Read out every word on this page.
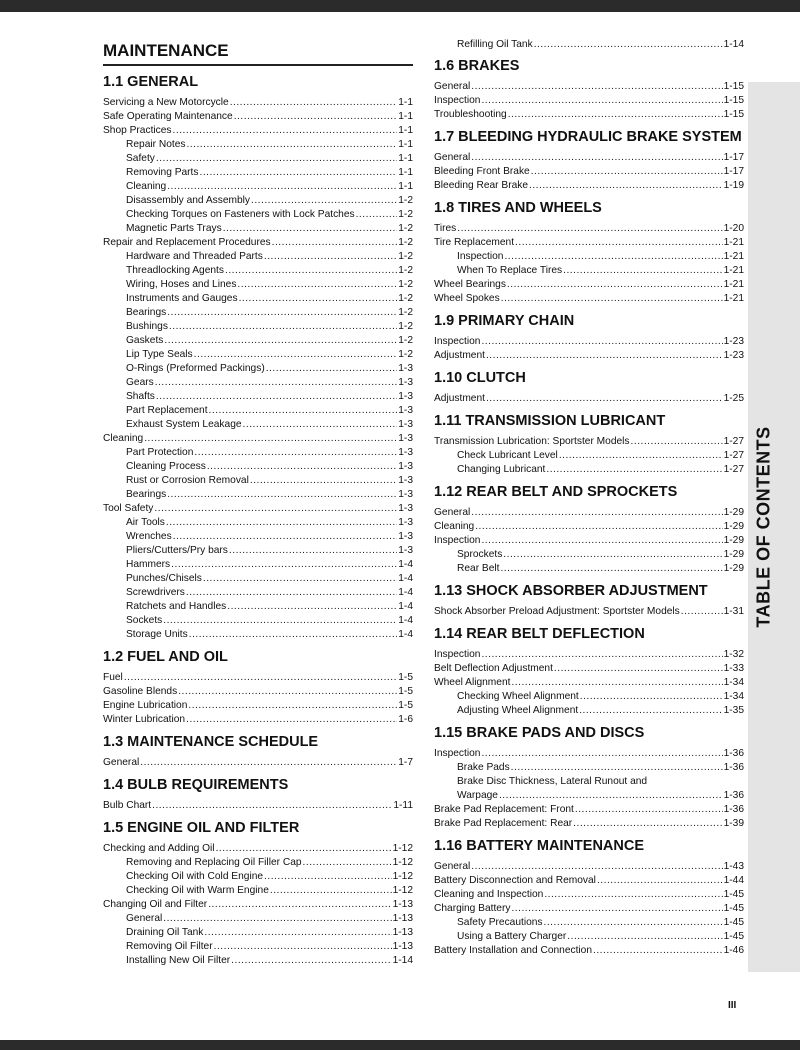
TABLE OF CONTENTS
MAINTENANCE
1.1 GENERAL
Servicing a New Motorcycle .....	1-1
Safe Operating Maintenance .....	1-1
Shop Practices .....	1-1
Repair Notes .....	1-1
Safety .....	1-1
Removing Parts .....	1-1
Cleaning .....	1-1
Disassembly and Assembly .....	1-2
Checking Torques on Fasteners with Lock Patches .....	1-2
Magnetic Parts Trays .....	1-2
Repair and Replacement Procedures .....	1-2
Hardware and Threaded Parts .....	1-2
Threadlocking Agents .....	1-2
Wiring, Hoses and Lines .....	1-2
Instruments and Gauges .....	1-2
Bearings .....	1-2
Bushings .....	1-2
Gaskets .....	1-2
Lip Type Seals .....	1-2
O-Rings (Preformed Packings) .....	1-3
Gears .....	1-3
Shafts .....	1-3
Part Replacement .....	1-3
Exhaust System Leakage .....	1-3
Cleaning .....	1-3
Part Protection .....	1-3
Cleaning Process .....	1-3
Rust or Corrosion Removal .....	1-3
Bearings .....	1-3
Tool Safety .....	1-3
Air Tools .....	1-3
Wrenches .....	1-3
Pliers/Cutters/Pry bars .....	1-3
Hammers .....	1-4
Punches/Chisels .....	1-4
Screwdrivers .....	1-4
Ratchets and Handles .....	1-4
Sockets .....	1-4
Storage Units .....	1-4
1.2 FUEL AND OIL
Fuel .....	1-5
Gasoline Blends .....	1-5
Engine Lubrication .....	1-5
Winter Lubrication .....	1-6
1.3 MAINTENANCE SCHEDULE
General .....	1-7
1.4 BULB REQUIREMENTS
Bulb Chart .....	1-11
1.5 ENGINE OIL AND FILTER
Checking and Adding Oil .....	1-12
Removing and Replacing Oil Filler Cap .....	1-12
Checking Oil with Cold Engine .....	1-12
Checking Oil with Warm Engine .....	1-12
Changing Oil and Filter .....	1-13
General .....	1-13
Draining Oil Tank .....	1-13
Removing Oil Filter .....	1-13
Installing New Oil Filter .....	1-14
Refilling Oil Tank .....	1-14
1.6 BRAKES
General .....	1-15
Inspection .....	1-15
Troubleshooting .....	1-15
1.7 BLEEDING HYDRAULIC BRAKE SYSTEM
General .....	1-17
Bleeding Front Brake .....	1-17
Bleeding Rear Brake .....	1-19
1.8 TIRES AND WHEELS
Tires .....	1-20
Tire Replacement .....	1-21
Inspection .....	1-21
When To Replace Tires .....	1-21
Wheel Bearings .....	1-21
Wheel Spokes .....	1-21
1.9 PRIMARY CHAIN
Inspection .....	1-23
Adjustment .....	1-23
1.10 CLUTCH
Adjustment .....	1-25
1.11 TRANSMISSION LUBRICANT
Transmission Lubrication: Sportster Models .....	1-27
Check Lubricant Level .....	1-27
Changing Lubricant .....	1-27
1.12 REAR BELT AND SPROCKETS
General .....	1-29
Cleaning .....	1-29
Inspection .....	1-29
Sprockets .....	1-29
Rear Belt .....	1-29
1.13 SHOCK ABSORBER ADJUSTMENT
Shock Absorber Preload Adjustment: Sportster Models .....	1-31
1.14 REAR BELT DEFLECTION
Inspection .....	1-32
Belt Deflection Adjustment .....	1-33
Wheel Alignment .....	1-34
Checking Wheel Alignment .....	1-34
Adjusting Wheel Alignment .....	1-35
1.15 BRAKE PADS AND DISCS
Inspection .....	1-36
Brake Pads .....	1-36
Brake Disc Thickness, Lateral Runout and
Warpage .....	1-36
Brake Pad Replacement: Front .....	1-36
Brake Pad Replacement: Rear .....	1-39
1.16 BATTERY MAINTENANCE
General .....	1-43
Battery Disconnection and Removal .....	1-44
Cleaning and Inspection .....	1-45
Charging Battery .....	1-45
Safety Precautions .....	1-45
Using a Battery Charger .....	1-45
Battery Installation and Connection .....	1-46
III
